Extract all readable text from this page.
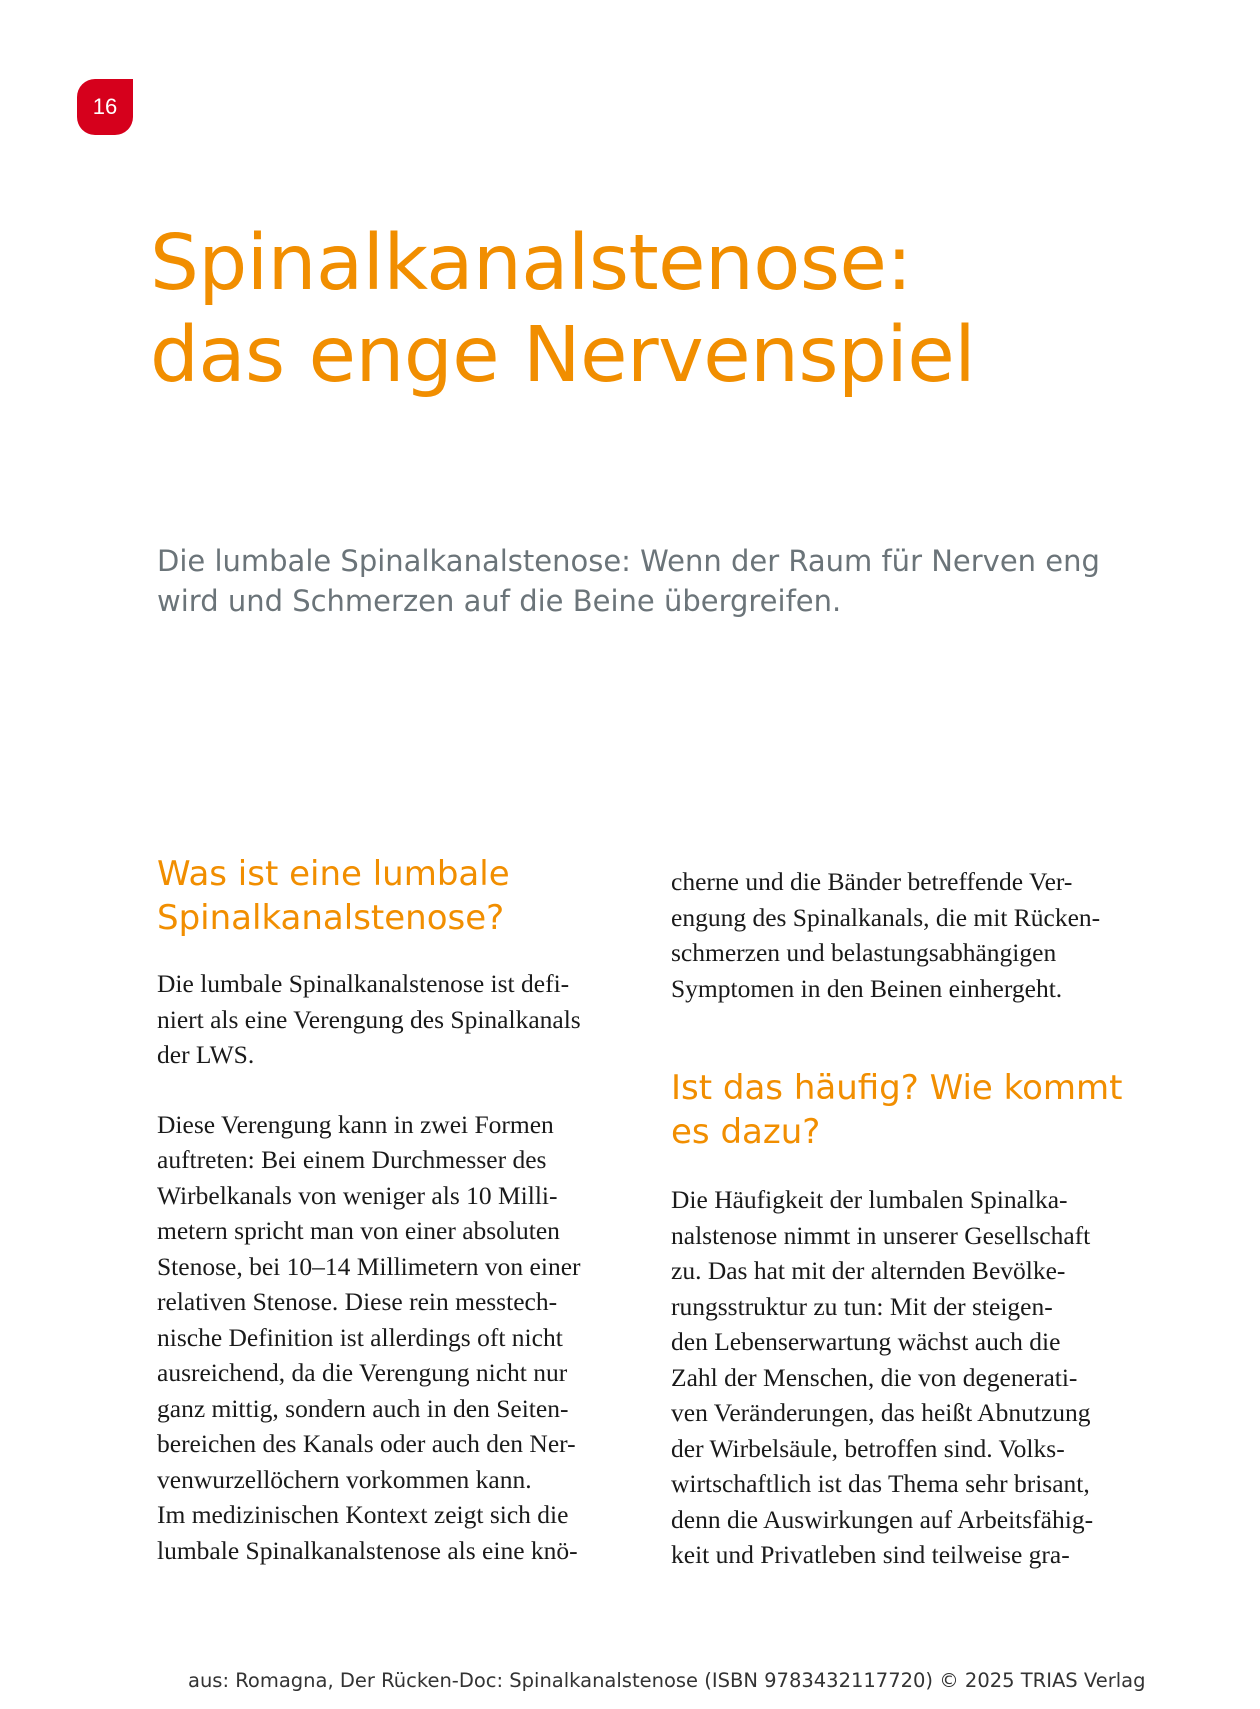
16
Spinalkanalstenose:
das enge Nervenspiel

Die lumbale Spinalkanalstenose: Wenn der Raum für Nerven eng
wird und Schmerzen auf die Beine übergreifen.

Was ist eine lumbale
Spinalkanalstenose?

Die lumbale Spinalkanalstenose ist defi-
niert als eine Verengung des Spinalkanals
der LWS.

Diese Verengung kann in zwei Formen
auftreten: Bei einem Durchmesser des
Wirbelkanals von weniger als 10 Milli-
metern spricht man von einer absoluten
Stenose, bei 10–14 Millimetern von einer
relativen Stenose. Diese rein messtech-
nische Definition ist allerdings oft nicht
ausreichend, da die Verengung nicht nur
ganz mittig, sondern auch in den Seiten-
bereichen des Kanals oder auch den Ner-
venwurzellöchern vorkommen kann.
Im medizinischen Kontext zeigt sich die
lumbale Spinalkanalstenose als eine knö-

cherne und die Bänder betreffende Ver-
engung des Spinalkanals, die mit Rücken-
schmerzen und belastungsabhängigen
Symptomen in den Beinen einhergeht.

Ist das häufig? Wie kommt
es dazu?

Die Häufigkeit der lumbalen Spinalka-
nalstenose nimmt in unserer Gesellschaft
zu. Das hat mit der alternden Bevölke-
rungsstruktur zu tun: Mit der steigen-
den Lebenserwartung wächst auch die
Zahl der Menschen, die von degenerati-
ven Veränderungen, das heißt Abnutzung
der Wirbelsäule, betroffen sind. Volks-
wirtschaftlich ist das Thema sehr brisant,
denn die Auswirkungen auf Arbeitsfähig-
keit und Privatleben sind teilweise gra-

aus: Romagna, Der Rücken-Doc: Spinalkanalstenose (ISBN 9783432117720) © 2025 TRIAS Verlag
